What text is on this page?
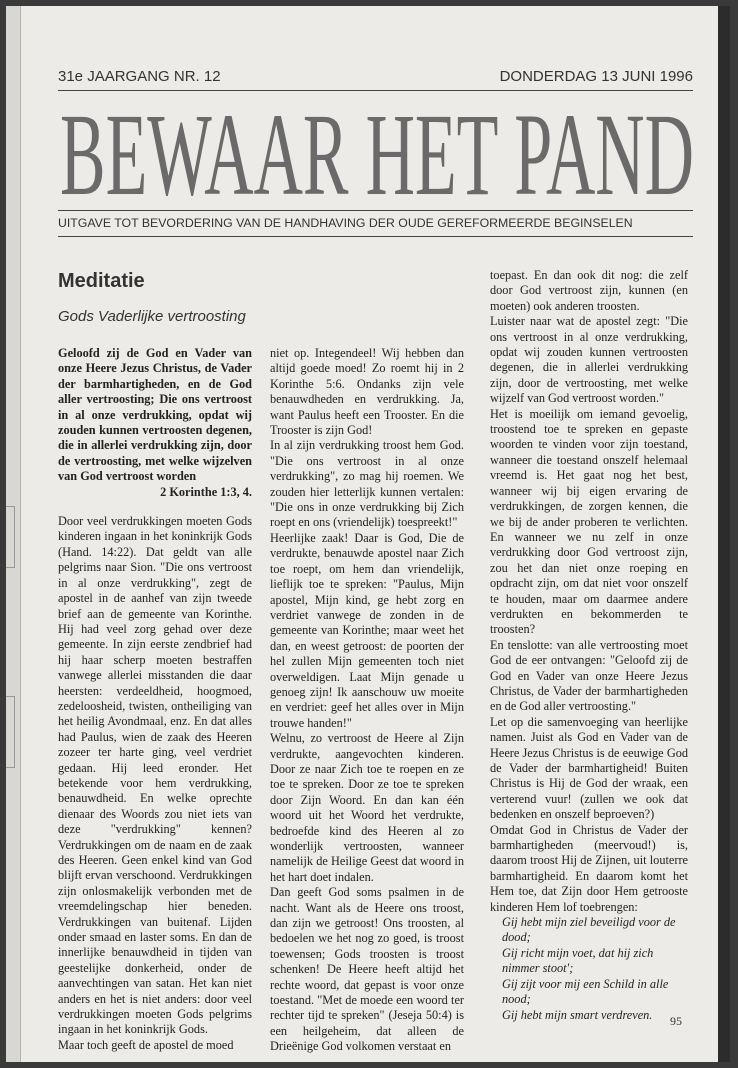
31e JAARGANG NR. 12	DONDERDAG 13 JUNI 1996
BEWAAR HET PAND
UITGAVE TOT BEVORDERING VAN DE HANDHAVING DER OUDE GEREFORMEERDE BEGINSELEN
Meditatie
Gods Vaderlijke vertroosting

Geloofd zij de God en Vader van onze Heere Jezus Christus, de Vader der barmhartigheden, en de God aller vertroosting; Die ons vertroost in al onze verdrukking, opdat wij zouden kunnen vertroosten degenen, die in allerlei verdrukking zijn, door de vertroosting, met welke wijzelven van God vertroost worden

2 Korinthe 1:3, 4.

Door veel verdrukkingen moeten Gods kinderen ingaan in het koninkrijk Gods (Hand. 14:22). Dat geldt van alle pelgrims naar Sion. "Die ons vertroost in al onze verdrukking", zegt de apostel in de aanhef van zijn tweede brief aan de gemeente van Korinthe. Hij had veel zorg gehad over deze gemeente. In zijn eerste zendbrief had hij haar scherp moeten bestraffen vanwege allerlei misstanden die daar heersten: verdeeldheid, hoogmoed, zedeloosheid, twisten, ontheiliging van het heilig Avondmaal, enz. En dat alles had Paulus, wien de zaak des Heeren zozeer ter harte ging, veel verdriet gedaan. Hij leed eronder. Het betekende voor hem verdrukking, benauwdheid. En welke oprechte dienaar des Woords zou niet iets van deze "verdrukking" kennen? Verdrukkingen om de naam en de zaak des Heeren. Geen enkel kind van God blijft ervan verschoond. Verdrukkingen zijn onlosmakelijk verbonden met de vreemdelingschap hier beneden. Verdrukkingen van buitenaf. Lijden onder smaad en laster soms. En dan de innerlijke benauwdheid in tijden van geestelijke donkerheid, onder de aanvechtingen van satan. Het kan niet anders en het is niet anders: door veel verdrukkingen moeten Gods pelgrims ingaan in het koninkrijk Gods.

Maar toch geeft de apostel de moed

niet op. Integendeel! Wij hebben dan altijd goede moed! Zo roemt hij in 2 Korinthe 5:6. Ondanks zijn vele benauwdheden en verdrukking. Ja, want Paulus heeft een Trooster. En die Trooster is zijn God!

In al zijn verdrukking troost hem God. "Die ons vertroost in al onze verdrukking", zo mag hij roemen. We zouden hier letterlijk kunnen vertalen: "Die ons in onze verdrukking bij Zich roept en ons (vriendelijk) toespreekt!"

Heerlijke zaak! Daar is God, Die de verdrukte, benauwde apostel naar Zich toe roept, om hem dan vriendelijk, lieflijk toe te spreken: "Paulus, Mijn apostel, Mijn kind, ge hebt zorg en verdriet vanwege de zonden in de gemeente van Korinthe; maar weet het dan, en weest getroost: de poorten der hel zullen Mijn gemeenten toch niet overweldigen. Laat Mijn genade u genoeg zijn! Ik aanschouw uw moeite en verdriet: geef het alles over in Mijn trouwe handen!"

Welnu, zo vertroost de Heere al Zijn verdrukte, aangevochten kinderen. Door ze naar Zich toe te roepen en ze toe te spreken. Door ze toe te spreken door Zijn Woord. En dan kan één woord uit het Woord het verdrukte, bedroefde kind des Heeren al zo wonderlijk vertroosten, wanneer namelijk de Heilige Geest dat woord in het hart doet indalen.

Dan geeft God soms psalmen in de nacht. Want als de Heere ons troost, dan zijn we getroost! Ons troosten, al bedoelen we het nog zo goed, is troost toewensen; Gods troosten is troost schenken! De Heere heeft altijd het rechte woord, dat gepast is voor onze toestand. "Met de moede een woord ter rechter tijd te spreken" (Jeseja 50:4) is een heilgeheim, dat alleen de Drieënige God volkomen verstaat en

toepast. En dan ook dit nog: die zelf door God vertroost zijn, kunnen (en moeten) ook anderen troosten.

Luister naar wat de apostel zegt: "Die ons vertroost in al onze verdrukking, opdat wij zouden kunnen vertroosten degenen, die in allerlei verdrukking zijn, door de vertroosting, met welke wijzelf van God vertroost worden."

Het is moeilijk om iemand gevoelig, troostend toe te spreken en gepaste woorden te vinden voor zijn toestand, wanneer die toestand onszelf helemaal vreemd is. Het gaat nog het best, wanneer wij bij eigen ervaring de verdrukkingen, de zorgen kennen, die we bij de ander proberen te verlichten. En wanneer we nu zelf in onze verdrukking door God vertroost zijn, zou het dan niet onze roeping en opdracht zijn, om dat niet voor onszelf te houden, maar om daarmee andere verdrukten en bekommerden te troosten?

En tenslotte: van alle vertroosting moet God de eer ontvangen: "Geloofd zij de God en Vader van onze Heere Jezus Christus, de Vader der barmhartigheden en de God aller vertroosting."

Let op die samenvoeging van heerlijke namen. Juist als God en Vader van de Heere Jezus Christus is de eeuwige God de Vader der barmhartigheid! Buiten Christus is Hij de God der wraak, een verterend vuur! (zullen we ook dat bedenken en onszelf beproeven?)

Omdat God in Christus de Vader der barmhartigheden (meervoud!) is, daarom troost Hij de Zijnen, uit louterre barmhartigheid. En daarom komt het Hem toe, dat Zijn door Hem getrooste kinderen Hem lof toebrengen:

Gij hebt mijn ziel beveiligd voor de dood;

Gij richt mijn voet, dat hij zich nimmer stoot';

Gij zijt voor mij een Schild in alle nood;

Gij hebt mijn smart verdreven.	95
